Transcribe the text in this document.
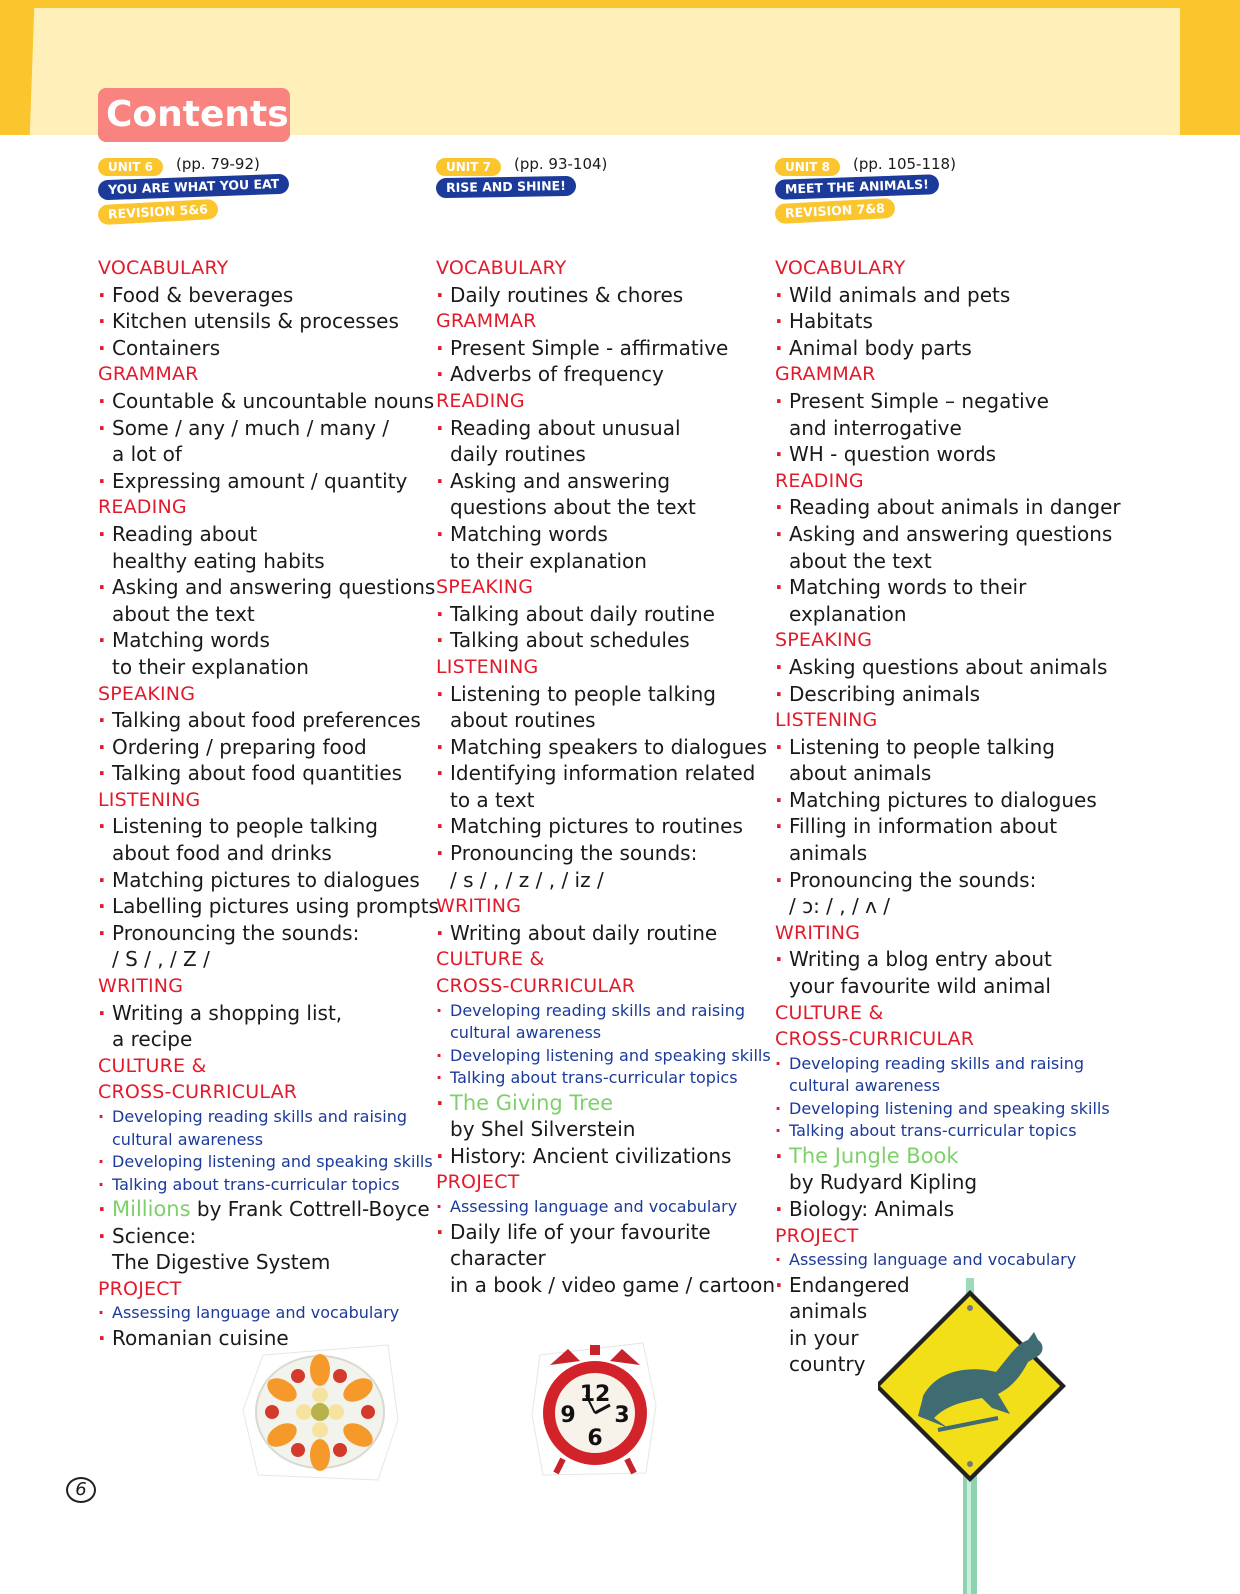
Contents
UNIT 6	(pp. 79-92)
YOU ARE WHAT YOU EAT
REVISION 5&6
UNIT 7	(pp. 93-104)
RISE AND SHINE!
UNIT 8	(pp. 105-118)
MEET THE ANIMALS!
REVISION 7&8

VOCABULARY

· Food & beverages

· Kitchen utensils & processes

· Containers

GRAMMAR

· Countable & uncountable nouns

· Some / any / much / many /

a lot of

· Expressing amount / quantity

READING

· Reading about

healthy eating habits

· Asking and answering questions

about the text

· Matching words

to their explanation

SPEAKING

· Talking about food preferences

· Ordering / preparing food

· Talking about food quantities

LISTENING

· Listening to people talking

about food and drinks

· Matching pictures to dialogues

· Labelling pictures using prompts

· Pronouncing the sounds:

/ S / , / Z /

WRITING

· Writing a shopping list,

a recipe

CULTURE &

CROSS-CURRICULAR

· Developing reading skills and raising

cultural awareness

· Developing listening and speaking skills

· Talking about trans-curricular topics

· Millions by Frank Cottrell-Boyce

· Science:

The Digestive System

PROJECT

· Assessing language and vocabulary

· Romanian cuisine

VOCABULARY

· Daily routines & chores

GRAMMAR

· Present Simple - affirmative

· Adverbs of frequency

READING

· Reading about unusual

daily routines

· Asking and answering

questions about the text

· Matching words

to their explanation

SPEAKING

· Talking about daily routine

· Talking about schedules

LISTENING

· Listening to people talking

about routines

· Matching speakers to dialogues

· Identifying information related

to a text

· Matching pictures to routines

· Pronouncing the sounds:

/ s / , / z / , / iz /

WRITING

· Writing about daily routine

CULTURE &

CROSS-CURRICULAR

· Developing reading skills and raising

cultural awareness

· Developing listening and speaking skills

· Talking about trans-curricular topics

· The Giving Tree

by Shel Silverstein

· History: Ancient civilizations

PROJECT

· Assessing language and vocabulary

· Daily life of your favourite

character

in a book / video game / cartoon

VOCABULARY

· Wild animals and pets

· Habitats

· Animal body parts

GRAMMAR

· Present Simple – negative

and interrogative

· WH - question words

READING

· Reading about animals in danger

· Asking and answering questions

about the text

· Matching words to their

explanation

SPEAKING

· Asking questions about animals

· Describing animals

LISTENING

· Listening to people talking

about animals

· Matching pictures to dialogues

· Filling in information about

animals

· Pronouncing the sounds:

/ ɔ: / , / ʌ /

WRITING

· Writing a blog entry about

your favourite wild animal

CULTURE &

CROSS-CURRICULAR

· Developing reading skills and raising

cultural awareness

· Developing listening and speaking skills

· Talking about trans-curricular topics

· The Jungle Book

by Rudyard Kipling

· Biology: Animals

PROJECT

· Assessing language and vocabulary

· Endangered

animals

in your

country

12
9 3
6
6
